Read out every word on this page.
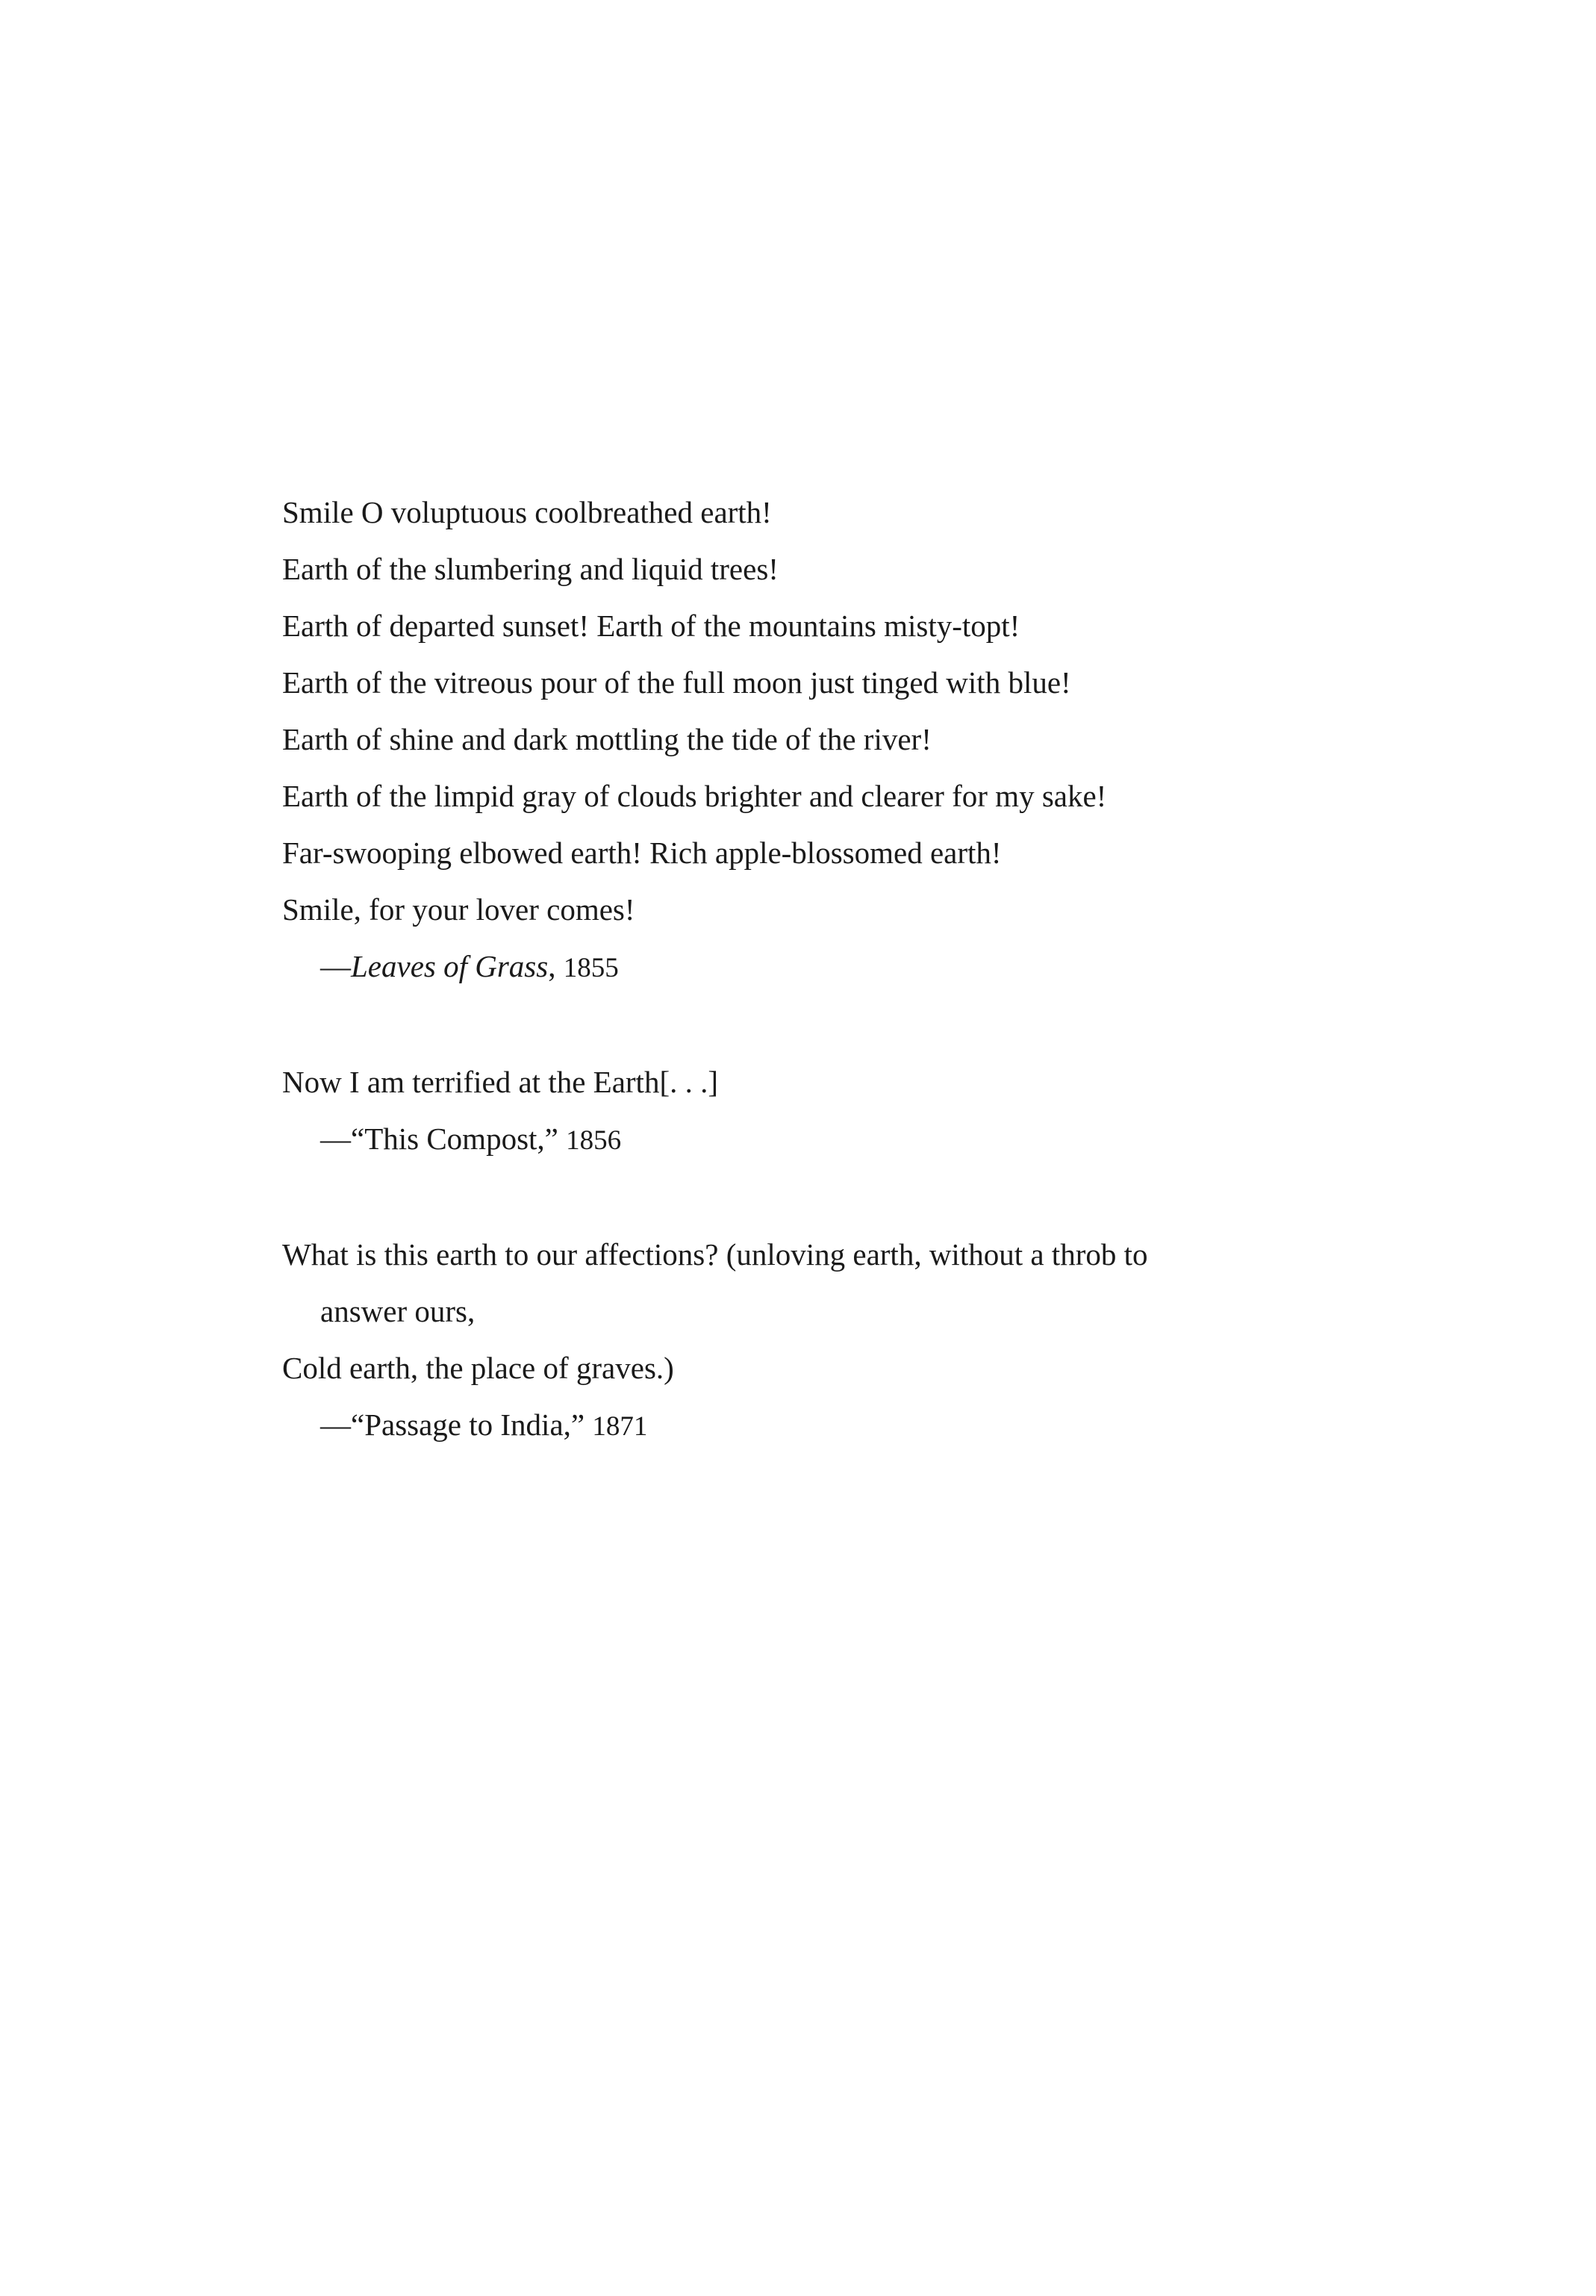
Smile O voluptuous coolbreathed earth!
Earth of the slumbering and liquid trees!
Earth of departed sunset! Earth of the mountains misty-topt!
Earth of the vitreous pour of the full moon just tinged with blue!
Earth of shine and dark mottling the tide of the river!
Earth of the limpid gray of clouds brighter and clearer for my sake!
Far-swooping elbowed earth! Rich apple-blossomed earth!
Smile, for your lover comes!
—Leaves of Grass, 1855
Now I am terrified at the Earth[. . .]
—“This Compost,” 1856
What is this earth to our affections? (unloving earth, without a throb to
answer ours,
Cold earth, the place of graves.)
—“Passage to India,” 1871
